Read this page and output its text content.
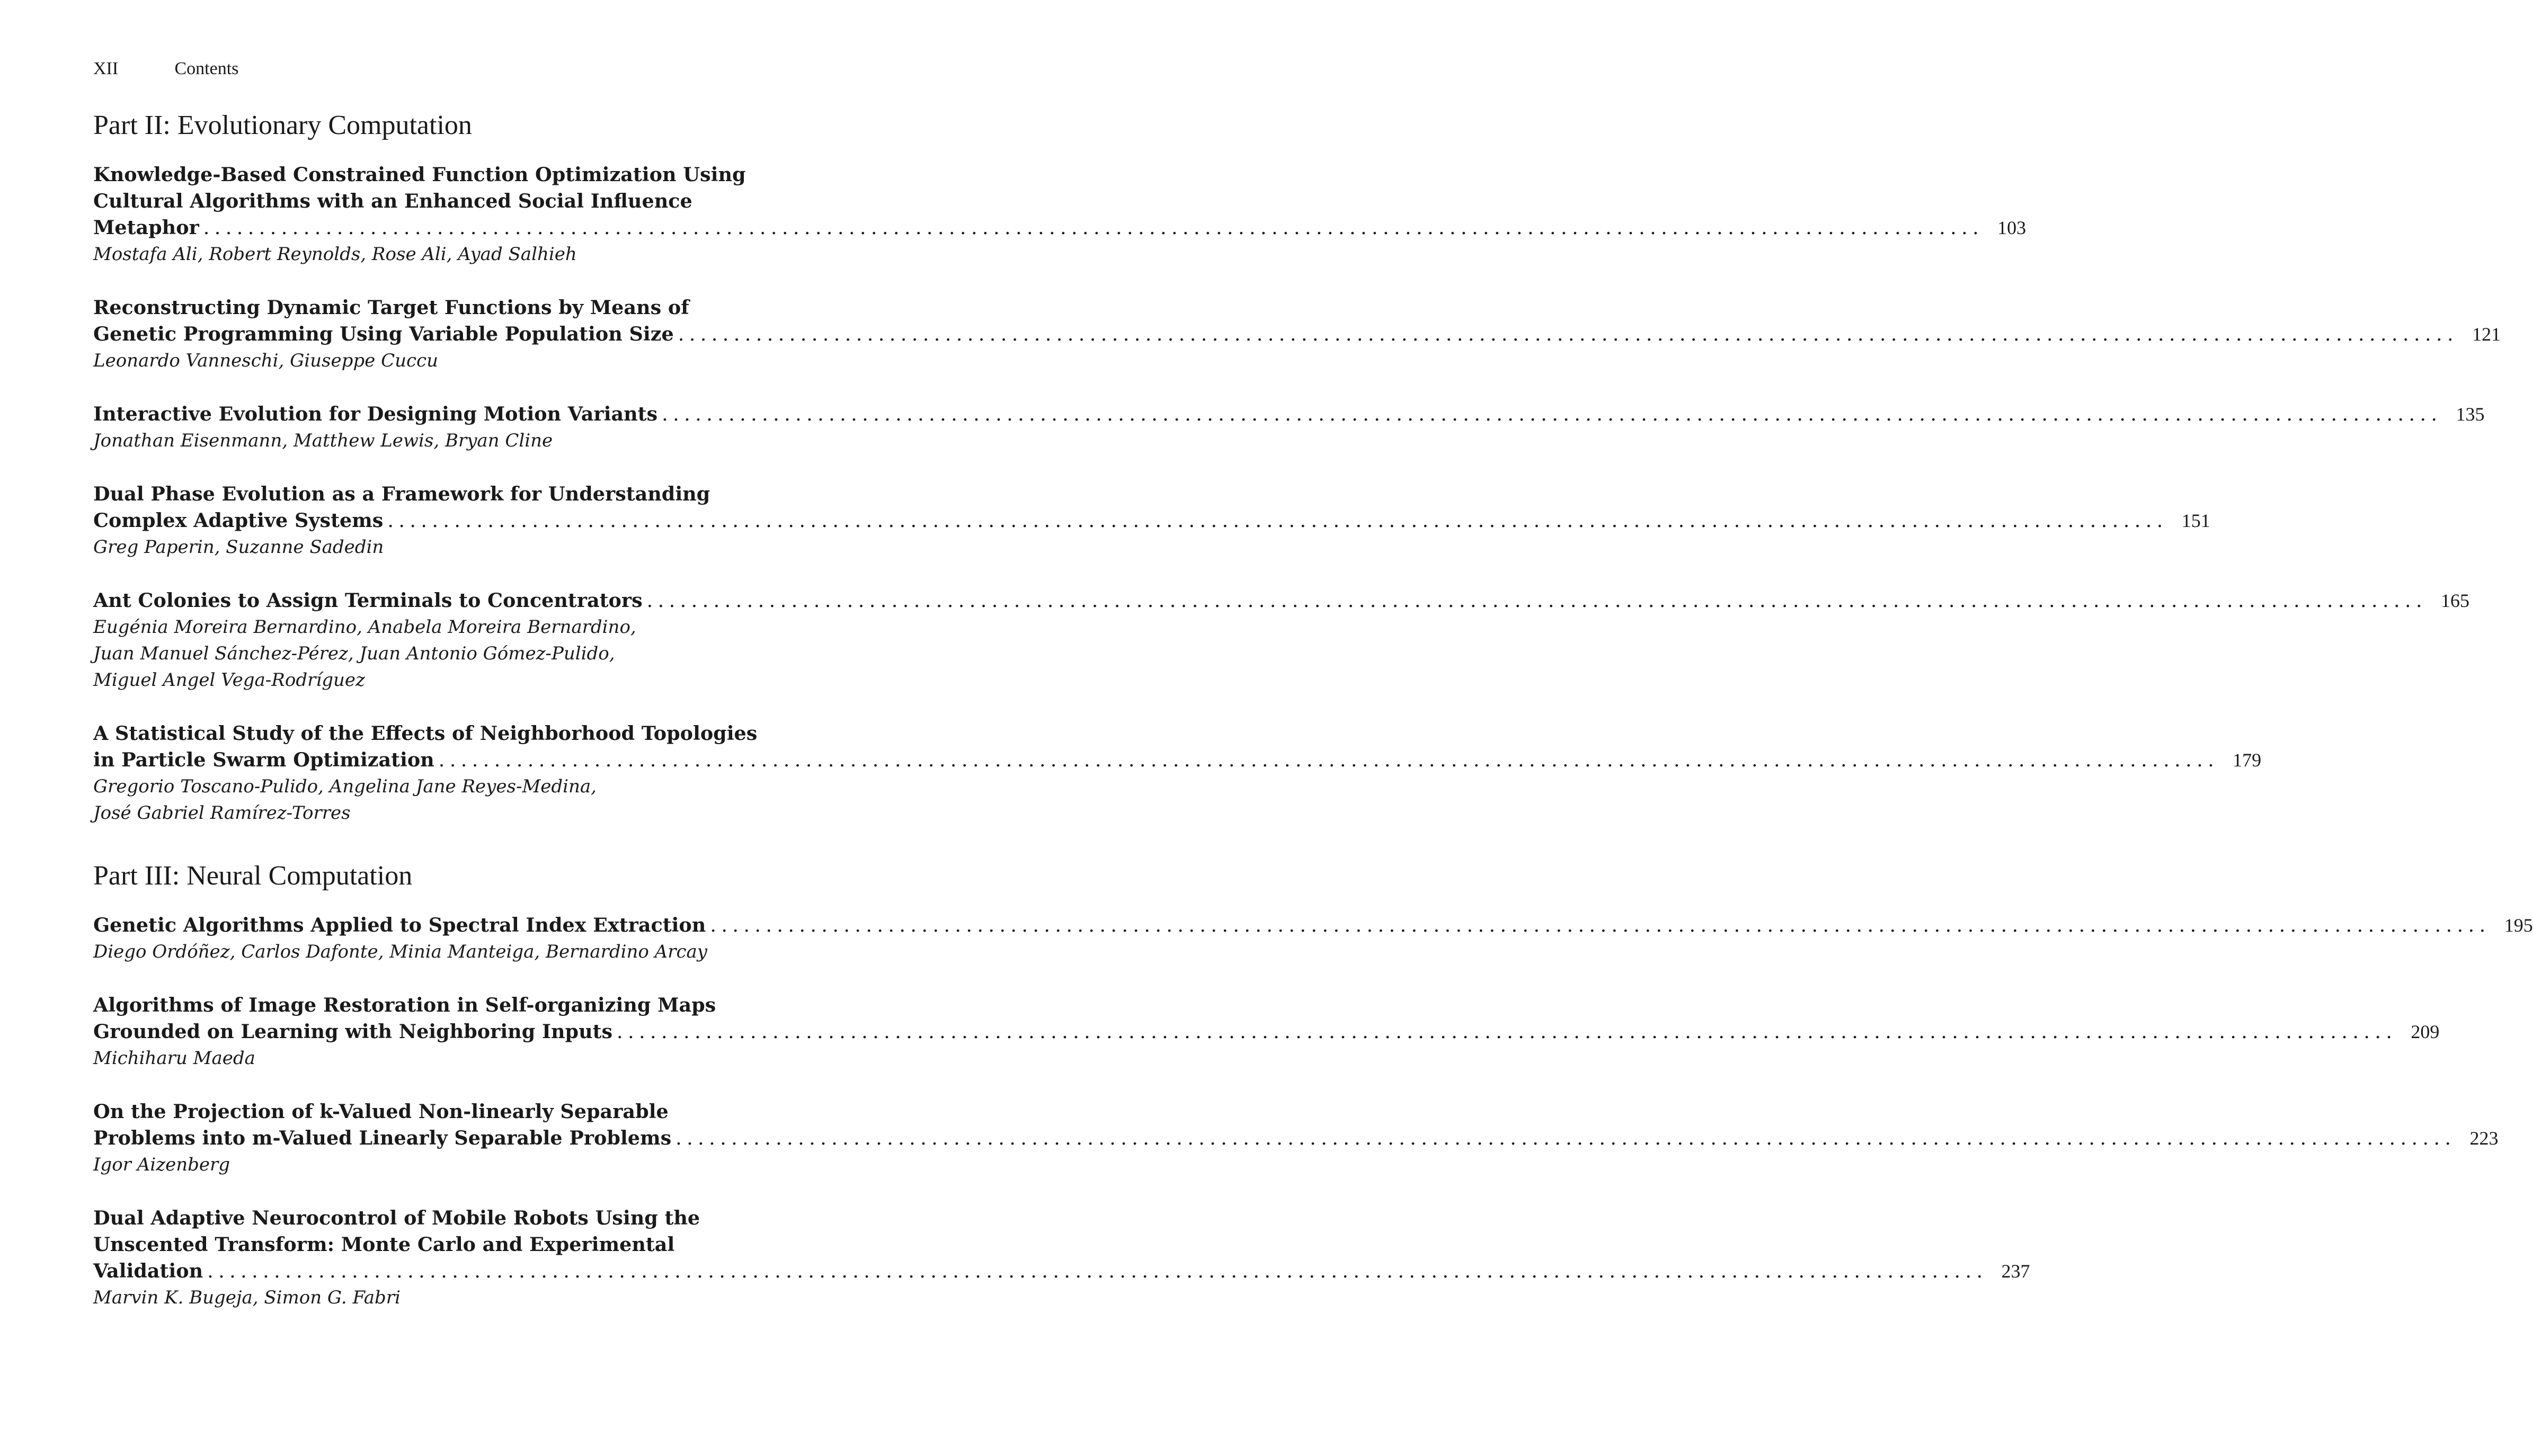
XII	Contents
Part II: Evolutionary Computation
Knowledge-Based Constrained Function Optimization Using
Cultural Algorithms with an Enhanced Social Influence
Metaphor ................................................................................................................................................................ 103
Mostafa Ali, Robert Reynolds, Rose Ali, Ayad Salhieh
Reconstructing Dynamic Target Functions by Means of
Genetic Programming Using Variable Population Size ................................................................................................................................................................ 121
Leonardo Vanneschi, Giuseppe Cuccu
Interactive Evolution for Designing Motion Variants ................................................................................................................................................................ 135
Jonathan Eisenmann, Matthew Lewis, Bryan Cline
Dual Phase Evolution as a Framework for Understanding
Complex Adaptive Systems ................................................................................................................................................................ 151
Greg Paperin, Suzanne Sadedin
Ant Colonies to Assign Terminals to Concentrators ................................................................................................................................................................ 165
Eugénia Moreira Bernardino, Anabela Moreira Bernardino,
Juan Manuel Sánchez-Pérez, Juan Antonio Gómez-Pulido,
Miguel Angel Vega-Rodríguez
A Statistical Study of the Effects of Neighborhood Topologies
in Particle Swarm Optimization ................................................................................................................................................................ 179
Gregorio Toscano-Pulido, Angelina Jane Reyes-Medina,
José Gabriel Ramírez-Torres
Part III: Neural Computation
Genetic Algorithms Applied to Spectral Index Extraction ................................................................................................................................................................ 195
Diego Ordóñez, Carlos Dafonte, Minia Manteiga, Bernardino Arcay
Algorithms of Image Restoration in Self-organizing Maps
Grounded on Learning with Neighboring Inputs ................................................................................................................................................................ 209
Michiharu Maeda
On the Projection of k-Valued Non-linearly Separable
Problems into m-Valued Linearly Separable Problems ................................................................................................................................................................ 223
Igor Aizenberg
Dual Adaptive Neurocontrol of Mobile Robots Using the
Unscented Transform: Monte Carlo and Experimental
Validation ................................................................................................................................................................ 237
Marvin K. Bugeja, Simon G. Fabri
